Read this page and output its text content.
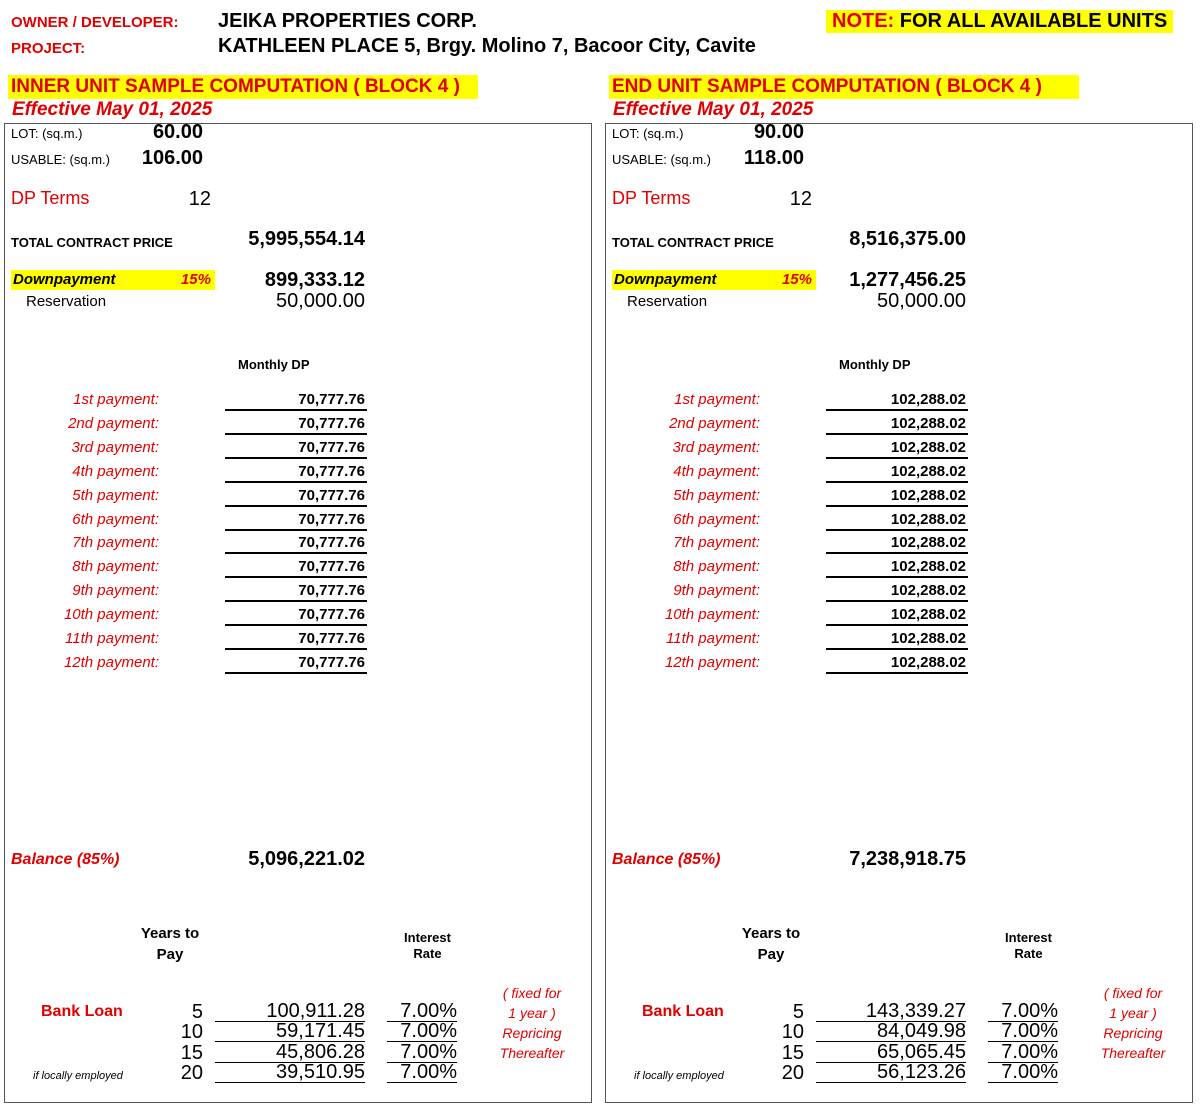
OWNER / DEVELOPER: JEIKA PROPERTIES CORP.
PROJECT:	KATHLEEN PLACE 5, Brgy. Molino 7, Bacoor City, Cavite
NOTE: FOR ALL AVAILABLE UNITS
INNER UNIT SAMPLE COMPUTATION ( BLOCK 4 )
Effective May 01, 2025
LOT: (sq.m.)	60.00
USABLE: (sq.m.)	106.00
DP Terms	12
TOTAL CONTRACT PRICE	5,995,554.14
Downpayment	15%	899,333.12
Reservation	50,000.00
Monthly DP
1st payment:	70,777.76
2nd payment:	70,777.76
3rd payment:	70,777.76
4th payment:	70,777.76
5th payment:	70,777.76
6th payment:	70,777.76
7th payment:	70,777.76
8th payment:	70,777.76
9th payment:	70,777.76
10th payment:	70,777.76
11th payment:	70,777.76
12th payment:	70,777.76
Balance (85%)	5,096,221.02
Years to
Pay
Interest
Rate
Bank Loan
if locally employed
5	100,911.28	7.00%
10	59,171.45	7.00%
15	45,806.28	7.00%
20	39,510.95	7.00%
( fixed for
1 year )
Repricing
Thereafter
END UNIT SAMPLE COMPUTATION ( BLOCK 4 )
Effective May 01, 2025
LOT: (sq.m.)	90.00
USABLE: (sq.m.)	118.00
DP Terms	12
TOTAL CONTRACT PRICE	8,516,375.00
Downpayment	15%	1,277,456.25
Reservation	50,000.00
Monthly DP
1st payment:	102,288.02
2nd payment:	102,288.02
3rd payment:	102,288.02
4th payment:	102,288.02
5th payment:	102,288.02
6th payment:	102,288.02
7th payment:	102,288.02
8th payment:	102,288.02
9th payment:	102,288.02
10th payment:	102,288.02
11th payment:	102,288.02
12th payment:	102,288.02
Balance (85%)	7,238,918.75
Years to
Pay
Interest
Rate
Bank Loan
if locally employed
5	143,339.27	7.00%
10	84,049.98	7.00%
15	65,065.45	7.00%
20	56,123.26	7.00%
( fixed for
1 year )
Repricing
Thereafter
